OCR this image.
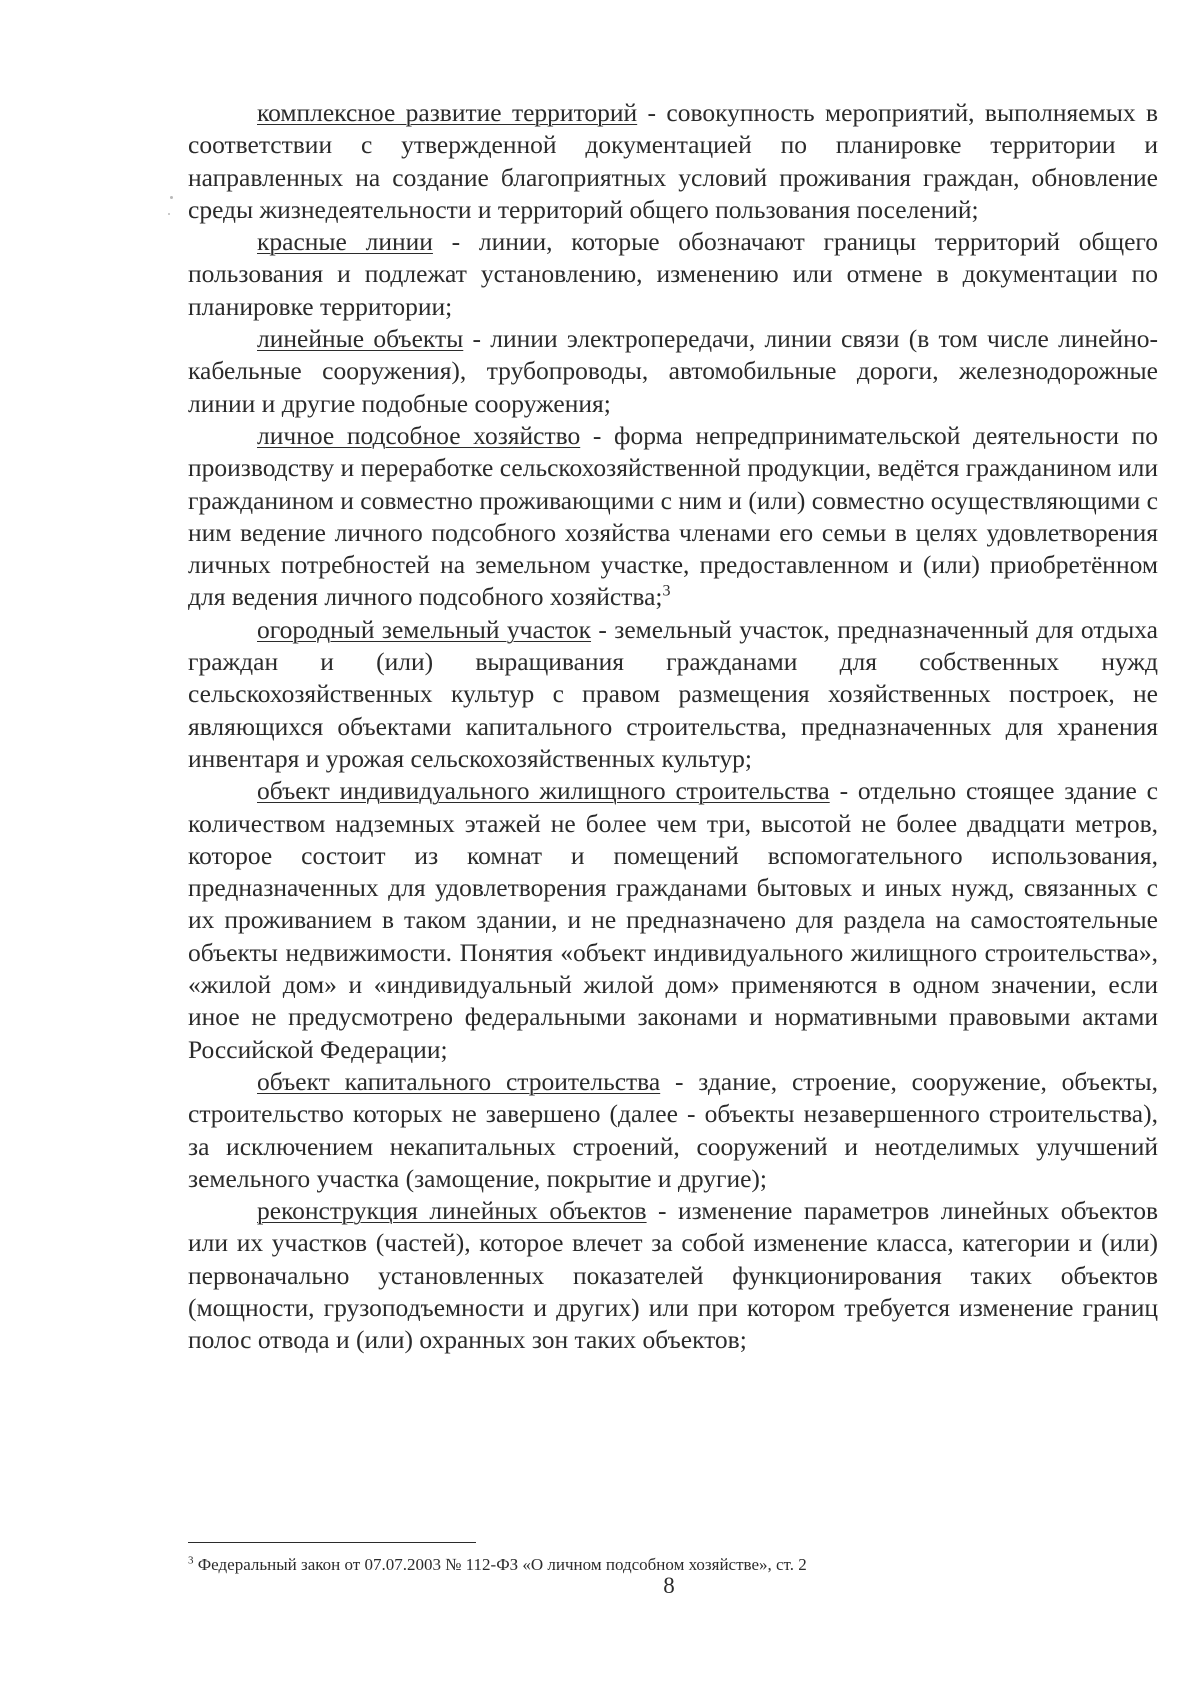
комплексное развитие территорий - совокупность мероприятий, выполняемых в соответствии с утвержденной документацией по планировке территории и направленных на создание благоприятных условий проживания граждан, обновление среды жизнедеятельности и территорий общего пользования поселений;

красные линии - линии, которые обозначают границы территорий общего пользования и подлежат установлению, изменению или отмене в документации по планировке территории;

линейные объекты - линии электропередачи, линии связи (в том числе линейно-кабельные сооружения), трубопроводы, автомобильные дороги, железнодорожные линии и другие подобные сооружения;

личное подсобное хозяйство - форма непредпринимательской деятельности по производству и переработке сельскохозяйственной продукции, ведётся гражданином или гражданином и совместно проживающими с ним и (или) совместно осуществляющими с ним ведение личного подсобного хозяйства членами его семьи в целях удовлетворения личных потребностей на земельном участке, предоставленном и (или) приобретённом для ведения личного подсобного хозяйства;$^3$

огородный земельный участок - земельный участок, предназначенный для отдыха граждан и (или) выращивания гражданами для собственных нужд сельскохозяйственных культур с правом размещения хозяйственных построек, не являющихся объектами капитального строительства, предназначенных для хранения инвентаря и урожая сельскохозяйственных культур;

объект индивидуального жилищного строительства - отдельно стоящее здание с количеством надземных этажей не более чем три, высотой не более двадцати метров, которое состоит из комнат и помещений вспомогательного использования, предназначенных для удовлетворения гражданами бытовых и иных нужд, связанных с их проживанием в таком здании, и не предназначено для раздела на самостоятельные объекты недвижимости. Понятия «объект индивидуального жилищного строительства», «жилой дом» и «индивидуальный жилой дом» применяются в одном значении, если иное не предусмотрено федеральными законами и нормативными правовыми актами Российской Федерации;

объект капитального строительства - здание, строение, сооружение, объекты, строительство которых не завершено (далее - объекты незавершенного строительства), за исключением некапитальных строений, сооружений и неотделимых улучшений земельного участка (замощение, покрытие и другие);

реконструкция линейных объектов - изменение параметров линейных объектов или их участков (частей), которое влечет за собой изменение класса, категории и (или) первоначально установленных показателей функционирования таких объектов (мощности, грузоподъемности и других) или при котором требуется изменение границ полос отвода и (или) охранных зон таких объектов;

$^3$ Федеральный закон от 07.07.2003 № 112-ФЗ «О личном подсобном хозяйстве», ст. 2
8
